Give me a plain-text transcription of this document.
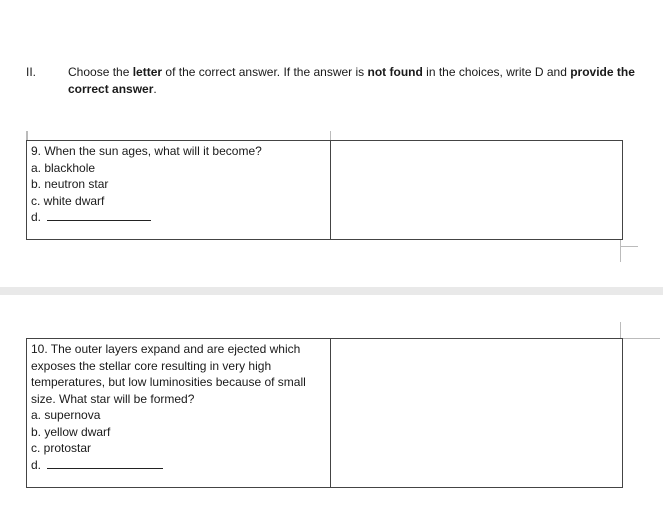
II.	Choose the letter of the correct answer. If the answer is not found in the choices, write D and provide the correct answer.
9. When the sun ages, what will it become?
a. blackhole
b. neutron star
c. white dwarf
d.

10. The outer layers expand and are ejected which exposes the stellar core resulting in very high temperatures, but low luminosities because of small size. What star will be formed?
a. supernova
b. yellow dwarf
c. protostar
d.
